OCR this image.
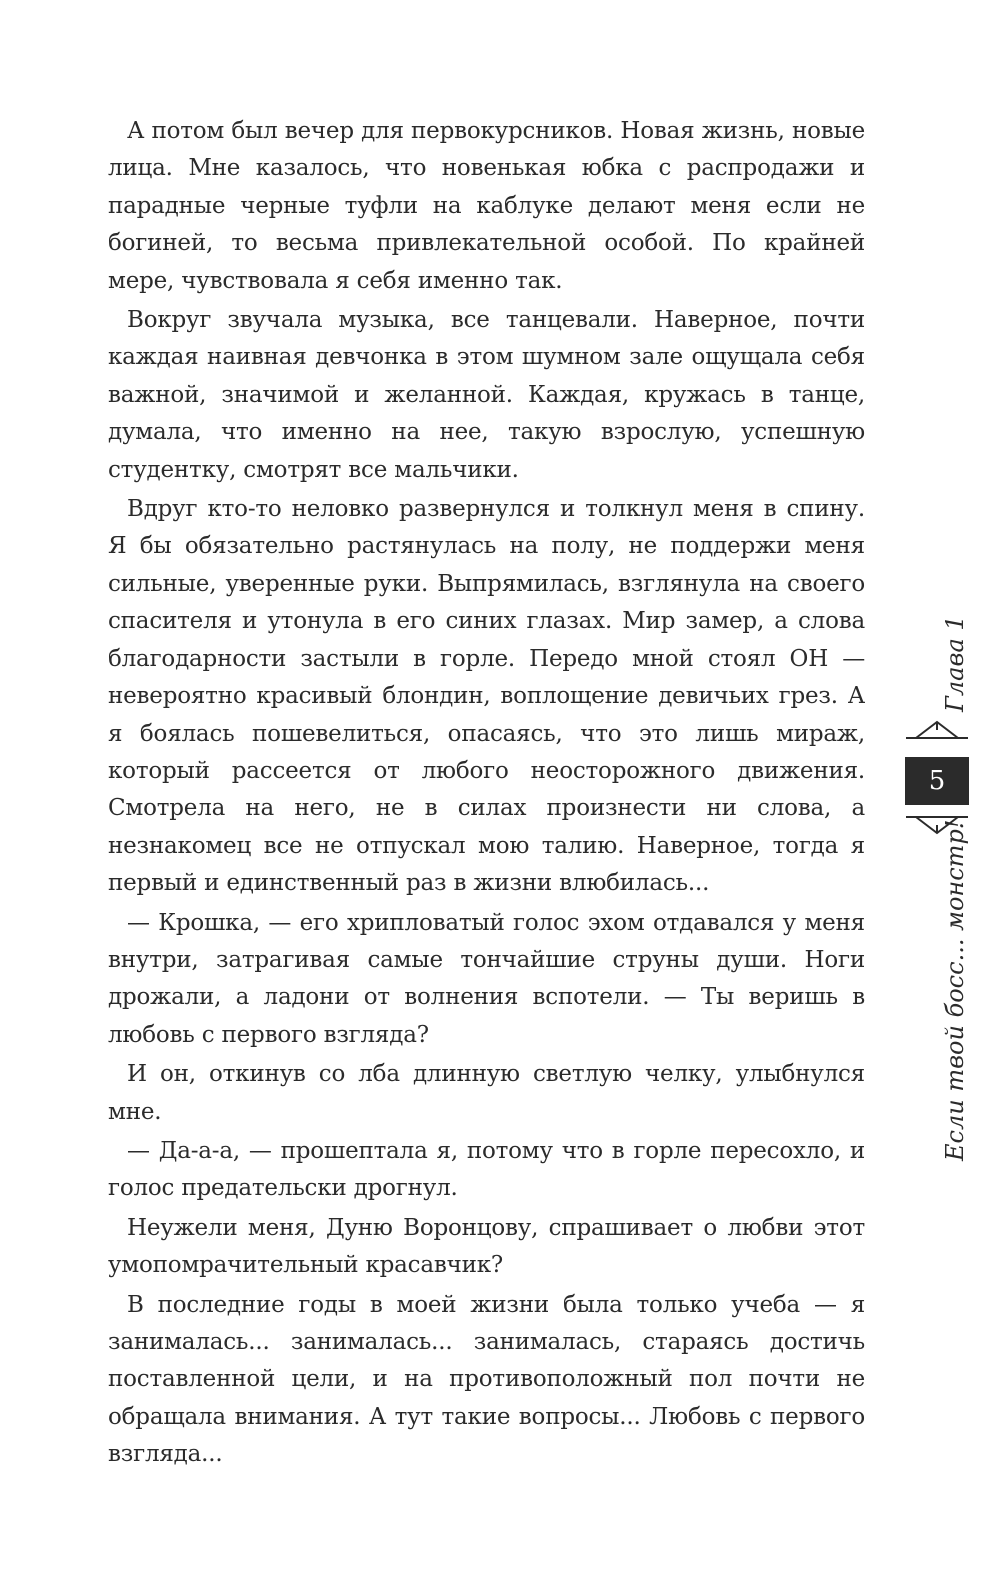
А потом был вечер для первокурсников. Новая жизнь, новые лица. Мне казалось, что новенькая юбка с распродажи и парадные черные туфли на каблуке делают меня если не богиней, то весьма привлекательной особой. По крайней мере, чувствовала я себя именно так.

Вокруг звучала музыка, все танцевали. Наверное, почти каждая наивная девчонка в этом шумном зале ощущала себя важной, значимой и желанной. Каждая, кружась в танце, думала, что именно на нее, такую взрослую, успешную студентку, смотрят все мальчики.

Вдруг кто-то неловко развернулся и толкнул меня в спину. Я бы обязательно растянулась на полу, не поддержи меня сильные, уверенные руки. Выпрямилась, взглянула на своего спасителя и утонула в его синих глазах. Мир замер, а слова благодарности застыли в горле. Передо мной стоял ОН — невероятно красивый блондин, воплощение девичьих грез. А я боялась пошевелиться, опасаясь, что это лишь мираж, который рассеется от любого неосторожного движения. Смотрела на него, не в силах произнести ни слова, а незнакомец все не отпускал мою талию. Наверное, тогда я первый и единственный раз в жизни влюбилась...

— Крошка, — его хрипловатый голос эхом отдавался у меня внутри, затрагивая самые тончайшие струны души. Ноги дрожали, а ладони от волнения вспотели. — Ты веришь в любовь с первого взгляда?

И он, откинув со лба длинную светлую челку, улыбнулся мне.

— Да-а-а, — прошептала я, потому что в горле пересохло, и голос предательски дрогнул.

Неужели меня, Дуню Воронцову, спрашивает о любви этот умопомрачительный красавчик?

В последние годы в моей жизни была только учеба — я занималась... занималась... занималась, стараясь достичь поставленной цели, и на противоположный пол почти не обращала внимания. А тут такие вопросы... Любовь с первого взгляда...

Если твой босс... монстр!
Глава 1
5
